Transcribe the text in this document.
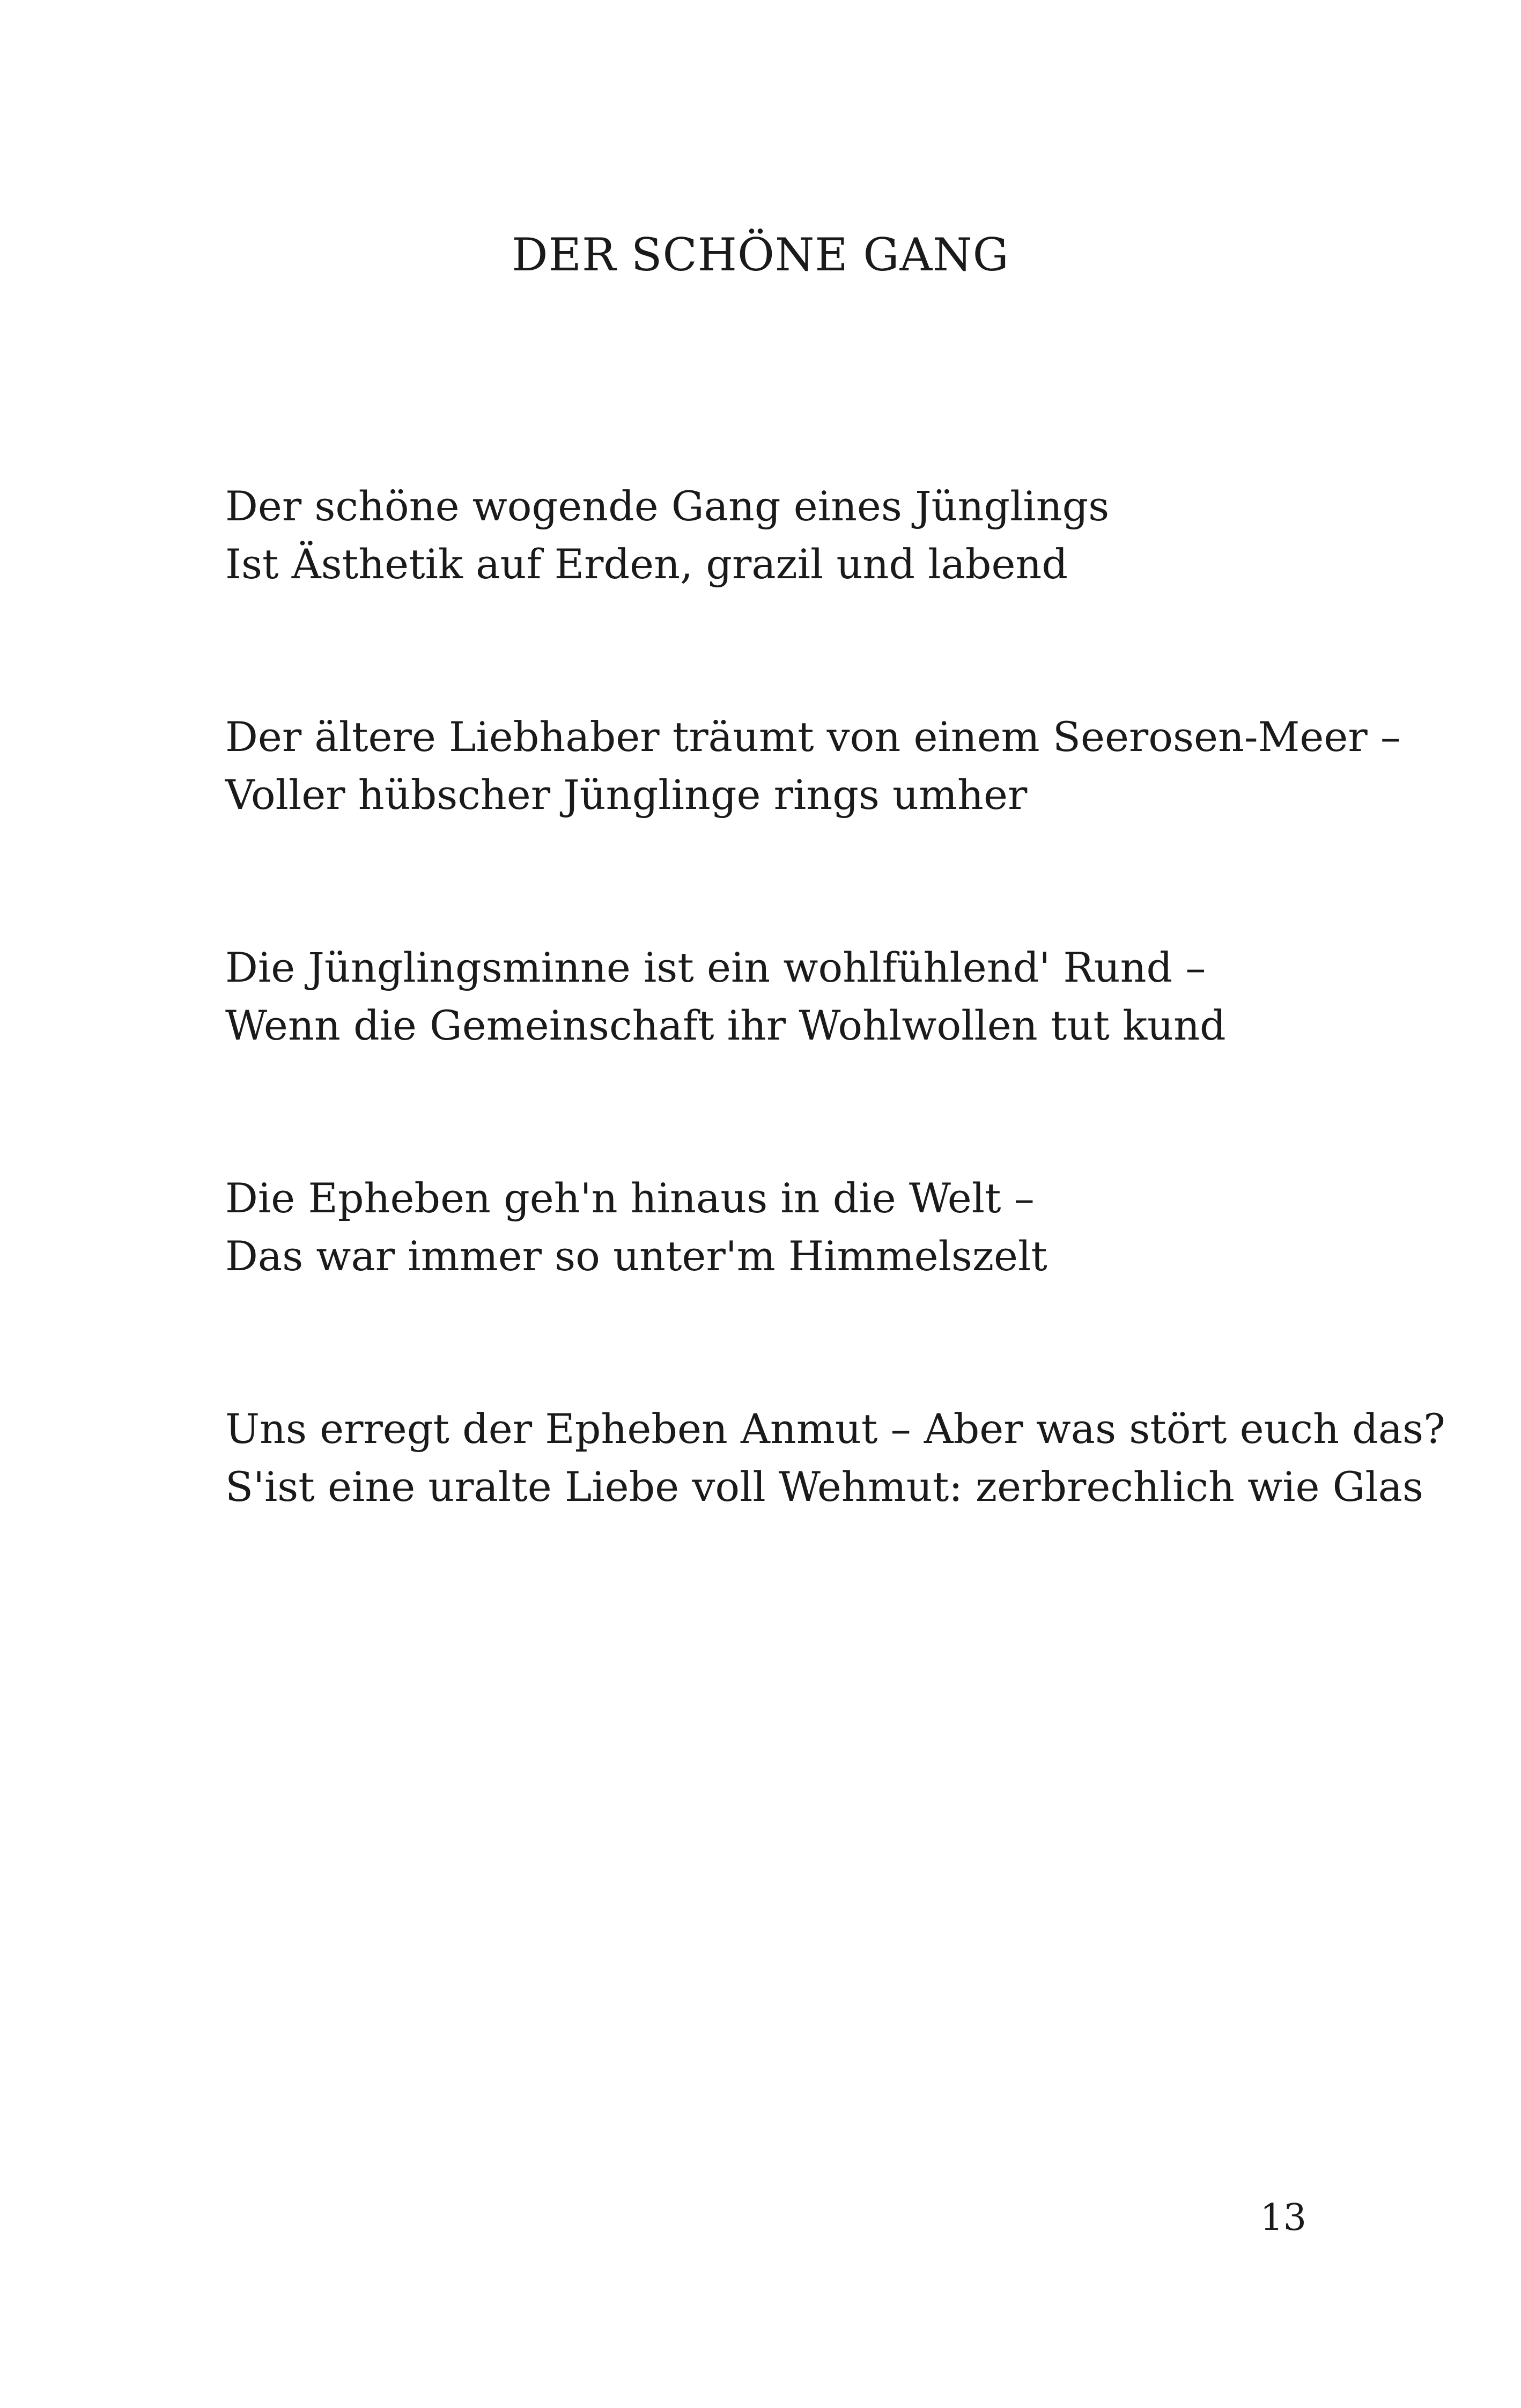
DER SCHÖNE GANG

Der schöne wogende Gang eines Jünglings
Ist Ästhetik auf Erden, grazil und labend

Der ältere Liebhaber träumt von einem Seerosen-Meer –
Voller hübscher Jünglinge rings umher

Die Jünglingsminne ist ein wohlfühlend' Rund –
Wenn die Gemeinschaft ihr Wohlwollen tut kund

Die Epheben geh'n hinaus in die Welt –
Das war immer so unter'm Himmelszelt

Uns erregt der Epheben Anmut – Aber was stört euch das?
S'ist eine uralte Liebe voll Wehmut: zerbrechlich wie Glas

13
